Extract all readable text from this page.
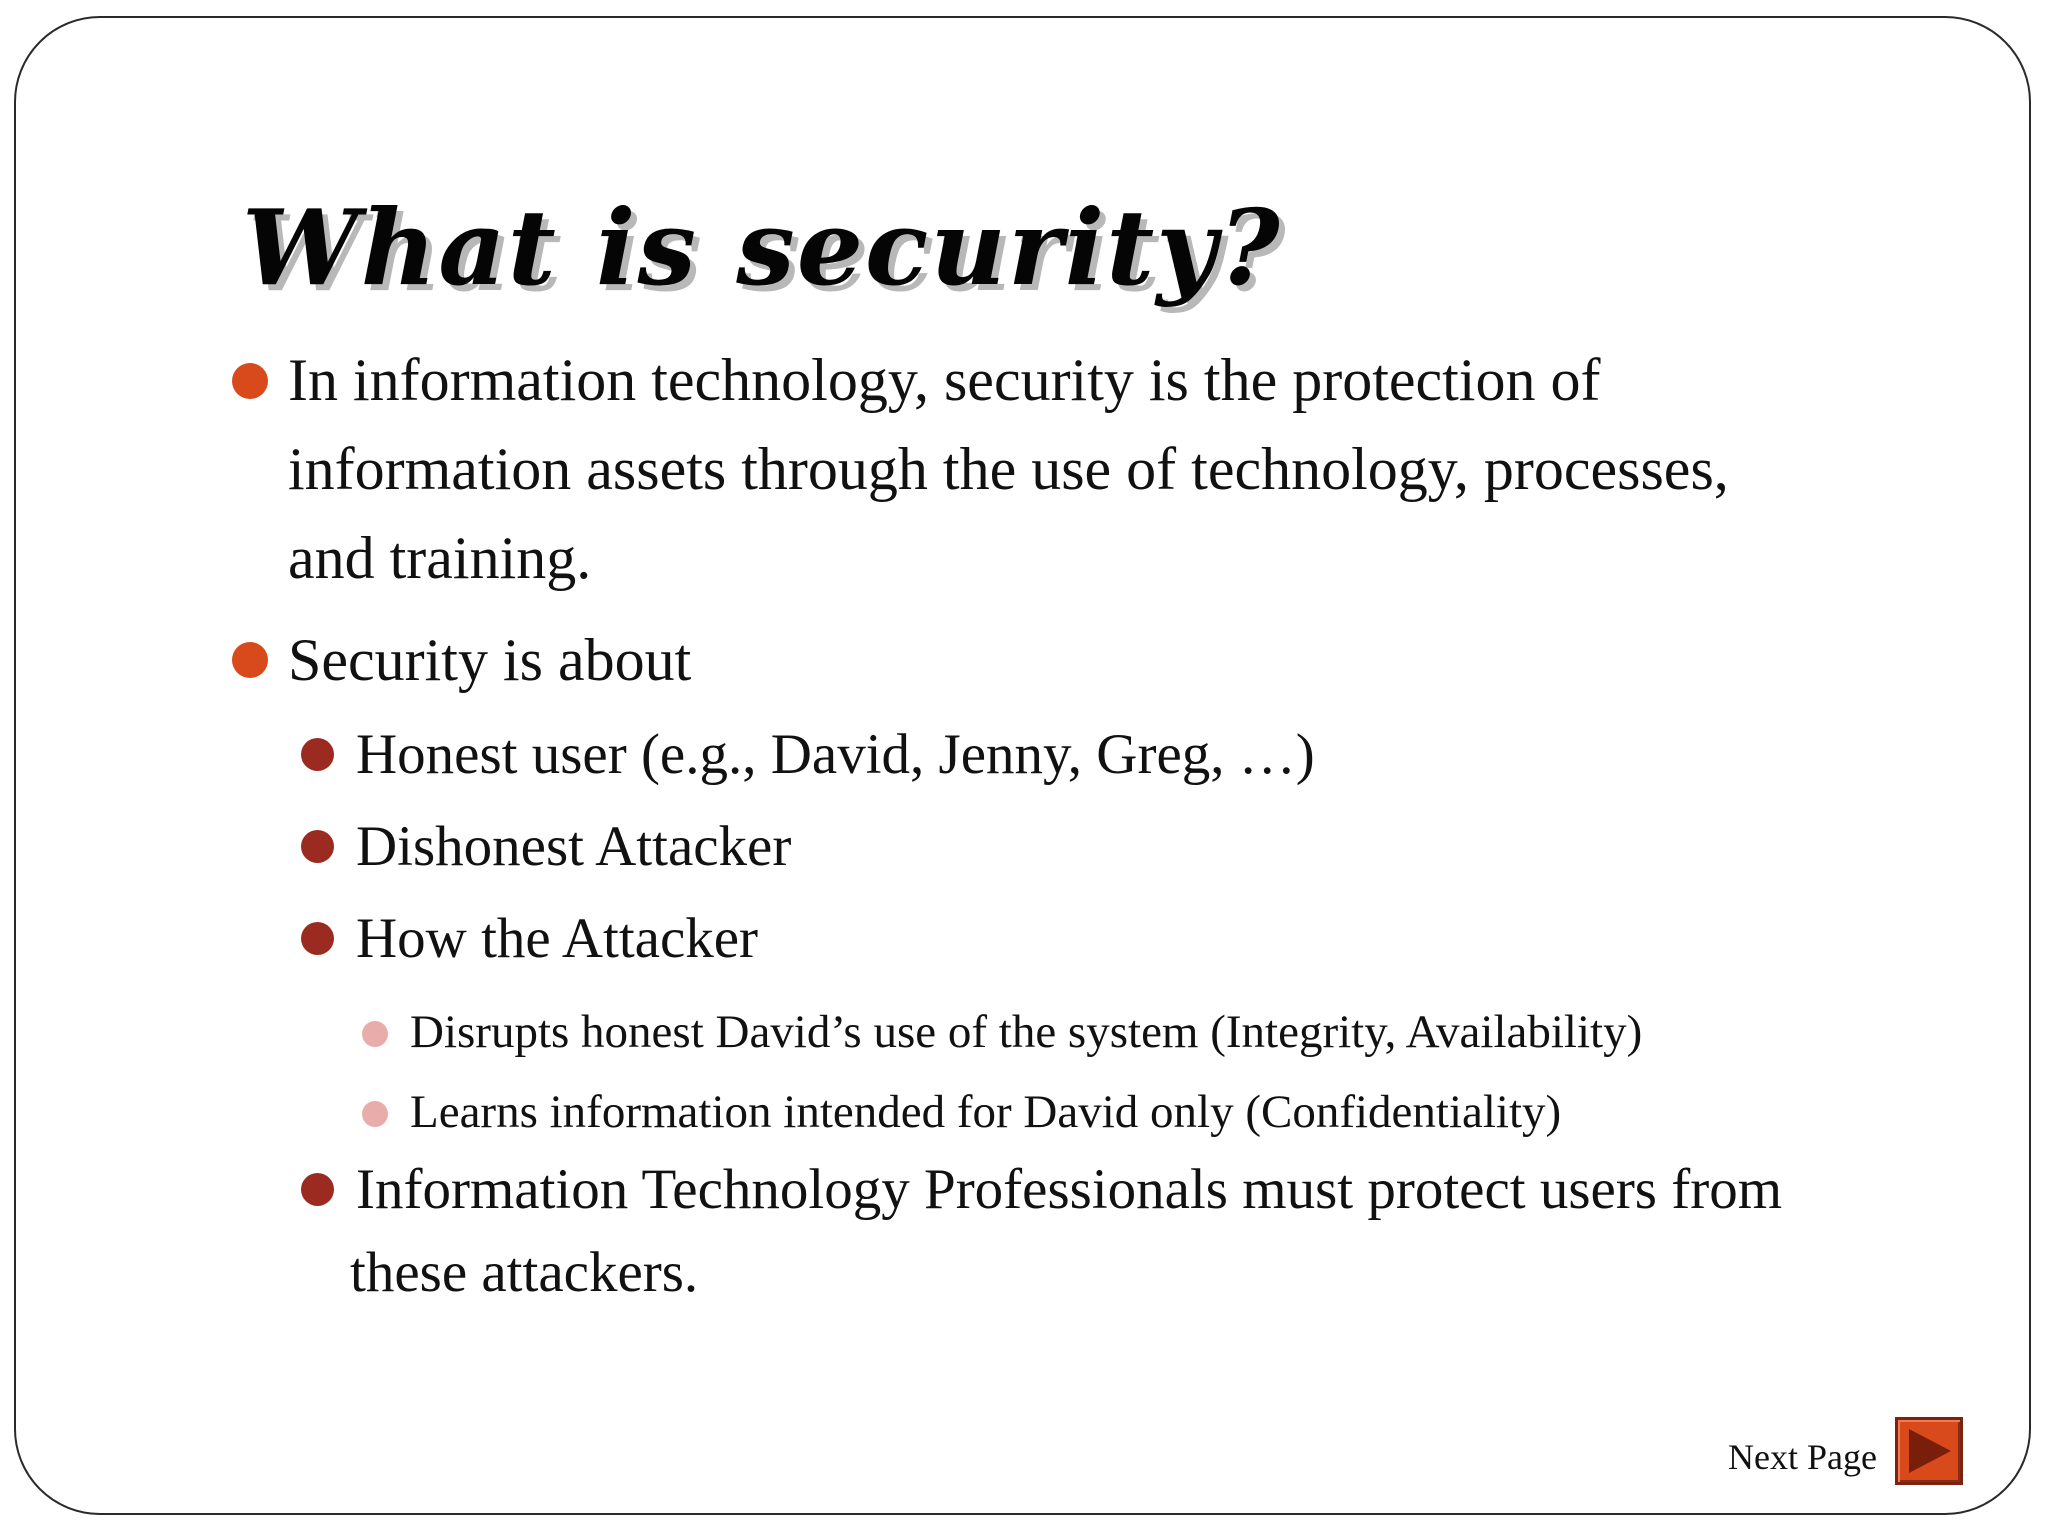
What is security?

In information technology, security is the protection of

information assets through the use of technology, processes,

and training.

Security is about

Honest user (e.g., David, Jenny, Greg, …)

Dishonest Attacker

How the Attacker

Disrupts honest David’s use of the system (Integrity, Availability)

Learns information intended for David only (Confidentiality)

Information Technology Professionals must protect users from

these attackers.

Next Page
